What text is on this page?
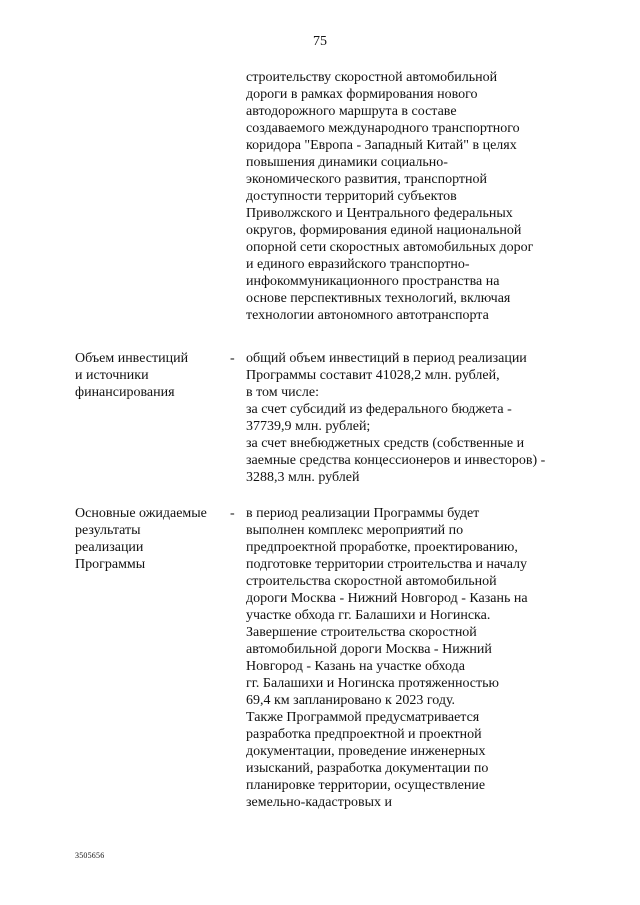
75
строительству скоростной автомобильной
дороги в рамках формирования нового
автодорожного маршрута в составе
создаваемого международного транспортного
коридора "Европа - Западный Китай" в целях
повышения динамики социально-
экономического развития, транспортной
доступности территорий субъектов
Приволжского и Центрального федеральных
округов, формирования единой национальной
опорной сети скоростных автомобильных дорог
и единого евразийского транспортно-
инфокоммуникационного пространства на
основе перспективных технологий, включая
технологии автономного автотранспорта
Объем инвестиций
и источники
финансирования
- общий объем инвестиций в период реализации
Программы составит 41028,2 млн. рублей,
в том числе:
за счет субсидий из федерального бюджета -
37739,9 млн. рублей;
за счет внебюджетных средств (собственные и
заемные средства концессионеров и инвесторов) -
3288,3 млн. рублей
Основные ожидаемые
результаты
реализации
Программы
- в период реализации Программы будет
выполнен комплекс мероприятий по
предпроектной проработке, проектированию,
подготовке территории строительства и началу
строительства скоростной автомобильной
дороги Москва - Нижний Новгород - Казань на
участке обхода гг. Балашихи и Ногинска.
Завершение строительства скоростной
автомобильной дороги Москва - Нижний
Новгород - Казань на участке обхода
гг. Балашихи и Ногинска протяженностью
69,4 км запланировано к 2023 году.
Также Программой предусматривается
разработка предпроектной и проектной
документации, проведение инженерных
изысканий, разработка документации по
планировке территории, осуществление
земельно-кадастровых и
3505656
